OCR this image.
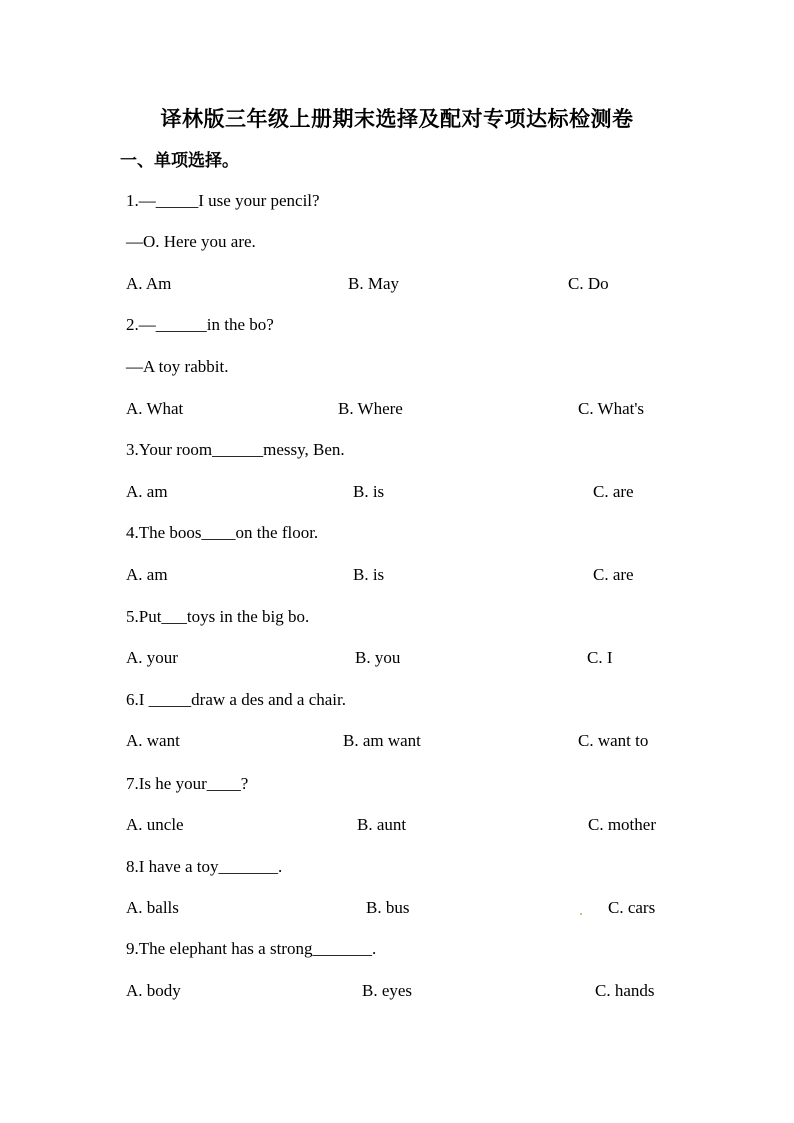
译林版三年级上册期末选择及配对专项达标检测卷
一、单项选择。
1.—_____I use your pencil?
—O. Here you are.
A. Am	B. May	C. Do
2.—______in the bo?
—A toy rabbit.
A. What	B. Where	C. What's
3.Your room______messy, Ben.
A. am	B. is	C. are
4.The boos____on the floor.
A. am	B. is	C. are
5.Put___toys in the big bo.
A. your	B. you	C. I
6.I _____draw a des and a chair.
A. want	B. am want	C. want to
7.Is he your____?
A. uncle	B. aunt	C. mother
8.I have a toy_______.
A. balls	B. bus	C. cars
9.The elephant has a strong_______.
A. body	B. eyes	C. hands
